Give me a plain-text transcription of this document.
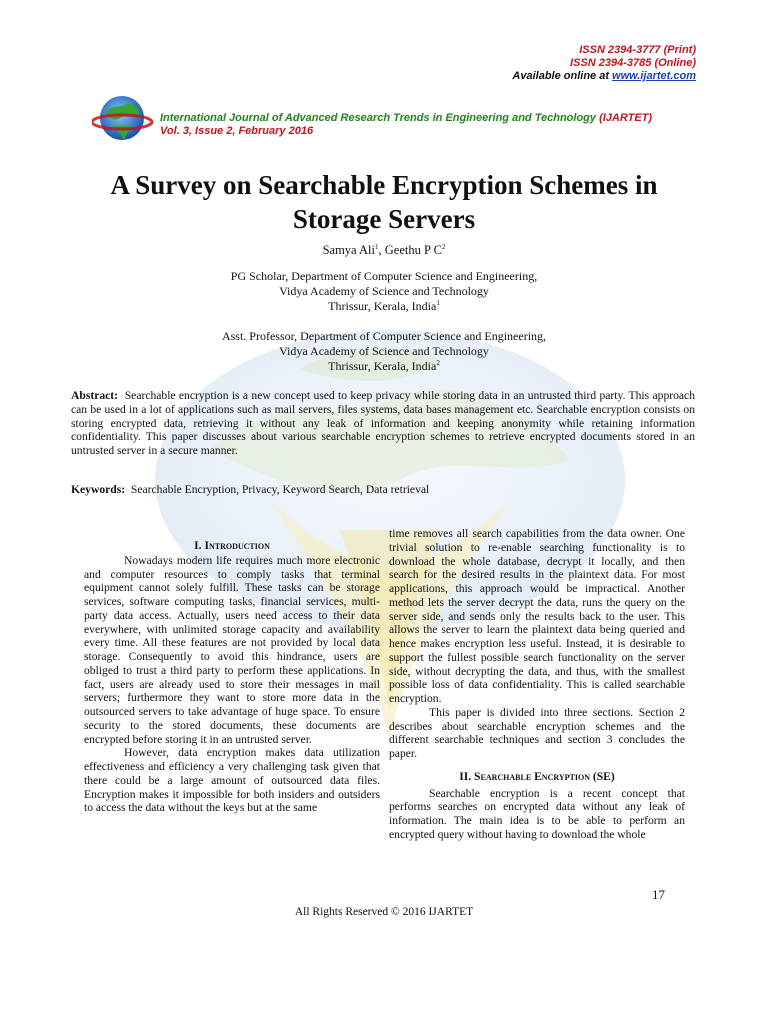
ISSN 2394-3777 (Print)
ISSN 2394-3785 (Online)
Available online at www.ijartet.com
International Journal of Advanced Research Trends in Engineering and Technology (IJARTET)
Vol. 3, Issue 2, February 2016
A Survey on Searchable Encryption Schemes in
Storage Servers
Samya Ali$^1$, Geethu P $C^2$
PG Scholar, Department of Computer Science and Engineering,
Vidya Academy of Science and Technology
Thrissur, Kerala, India$^1$
Asst. Professor, Department of Computer Science and Engineering,
Vidya Academy of Science and Technology
Thrissur, Kerala, India$^2$
Abstract: Searchable encryption is a new concept used to keep privacy while storing data in an untrusted third party. This approach can be used in a lot of applications such as mail servers, files systems, data bases management etc. Searchable encryption consists on storing encrypted data, retrieving it without any leak of information and keeping anonymity while retaining information confidentiality. This paper discusses about various searchable encryption schemes to retrieve encrypted documents stored in an untrusted server in a secure manner.
Keywords: Searchable Encryption, Privacy, Keyword Search, Data retrieval

I. Introduction

Nowadays modern life requires much more electronic and computer resources to comply tasks that terminal equipment cannot solely fulfill. These tasks can be storage services, software computing tasks, financial services, multi-party data access. Actually, users need access to their data everywhere, with unlimited storage capacity and availability every time. All these features are not provided by local data storage. Consequently to avoid this hindrance, users are obliged to trust a third party to perform these applications. In fact, users are already used to store their messages in mail servers; furthermore they want to store more data in the outsourced servers to take advantage of huge space. To ensure security to the stored documents, these documents are encrypted before storing it in an untrusted server.

However, data encryption makes data utilization effectiveness and efficiency a very challenging task given that there could be a large amount of outsourced data files. Encryption makes it impossible for both insiders and outsiders to access the data without the keys but at the same

time removes all search capabilities from the data owner. One trivial solution to re-enable searching functionality is to download the whole database, decrypt it locally, and then search for the desired results in the plaintext data. For most applications, this approach would be impractical. Another method lets the server decrypt the data, runs the query on the server side, and sends only the results back to the user. This allows the server to learn the plaintext data being queried and hence makes encryption less useful. Instead, it is desirable to support the fullest possible search functionality on the server side, without decrypting the data, and thus, with the smallest possible loss of data confidentiality. This is called searchable encryption.

This paper is divided into three sections. Section 2 describes about searchable encryption schemes and the different searchable techniques and section 3 concludes the paper.

II. Searchable Encryption (SE)

Searchable encryption is a recent concept that performs searches on encrypted data without any leak of information. The main idea is to be able to perform an encrypted query without having to download the whole

17
All Rights Reserved © 2016 IJARTET
